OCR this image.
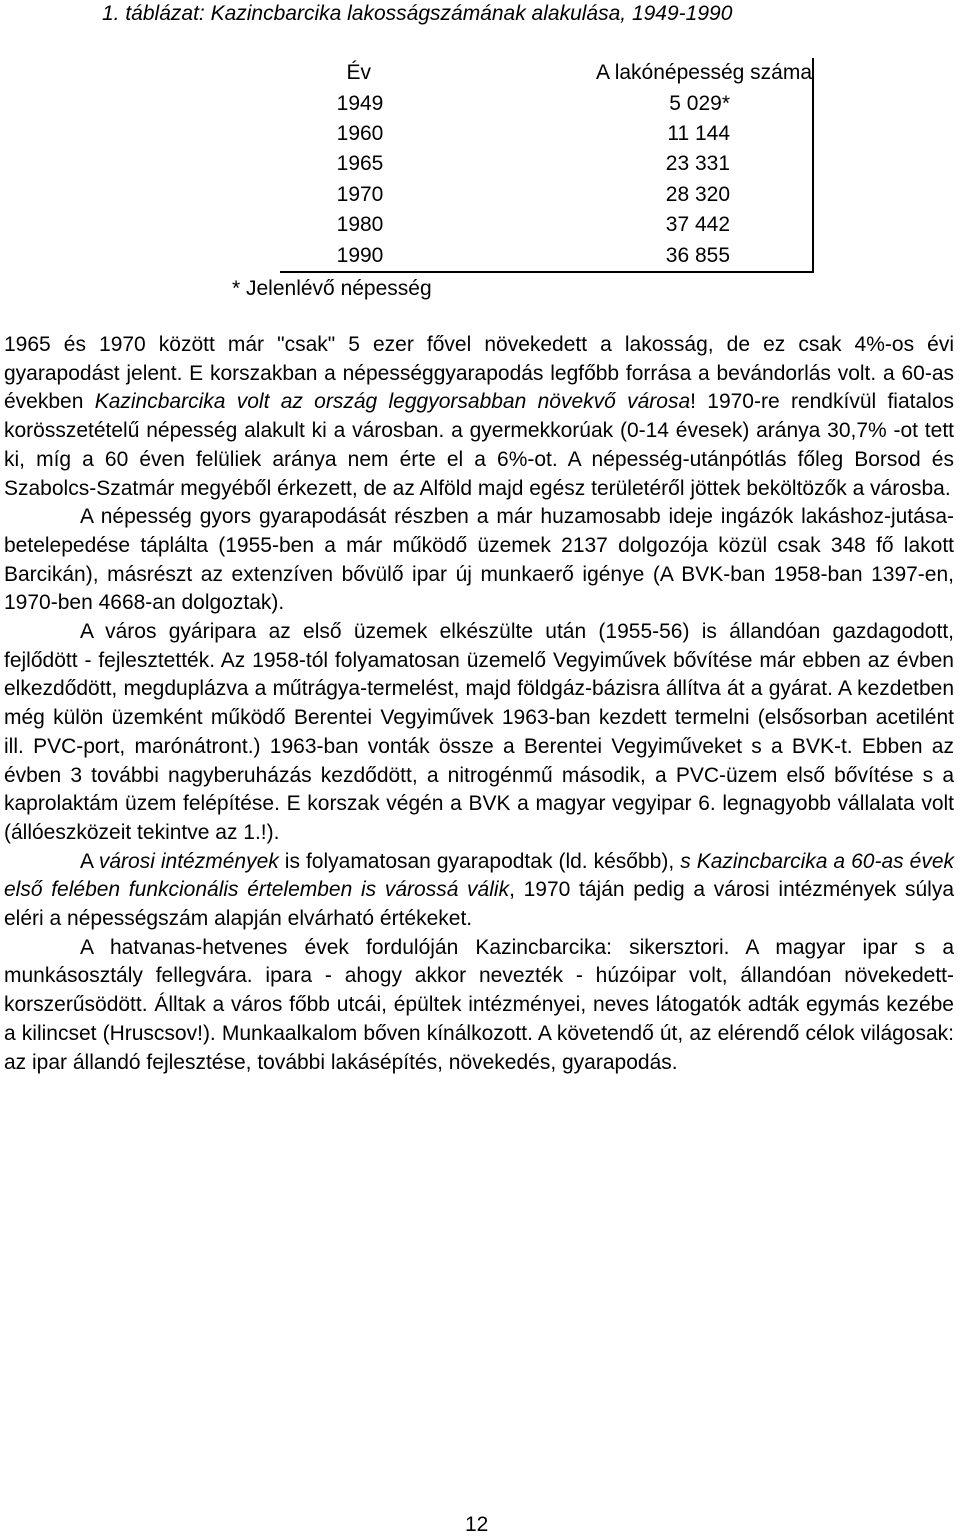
1. táblázat: Kazincbarcika lakosságszámának alakulása, 1949-1990
Év	A lakónépesség száma
1949	5 029*
1960	11 144
1965	23 331
1970	28 320
1980	37 442
1990	36 855
* Jelenlévő népesség

1965 és 1970 között már "csak" 5 ezer fővel növekedett a lakosság, de ez csak 4%-os évi gyarapodást jelent. E korszakban a népességgyarapodás legfőbb forrása a bevándorlás volt. a 60-as években Kazincbarcika volt az ország leggyorsabban növekvő városa! 1970-re rendkívül fiatalos korösszetételű népesség alakult ki a városban. a gyermekkorúak (0-14 évesek) aránya 30,7% -ot tett ki, míg a 60 éven felüliek aránya nem érte el a 6%-ot. A népesség-utánpótlás főleg Borsod és Szabolcs-Szatmár megyéből érkezett, de az Alföld majd egész területéről jöttek beköltözők a városba.

A népesség gyors gyarapodását részben a már huzamosabb ideje ingázók lakáshoz-jutása-betelepedése táplálta (1955-ben a már működő üzemek 2137 dolgozója közül csak 348 fő lakott Barcikán), másrészt az extenzíven bővülő ipar új munkaerő igénye (A BVK-ban 1958-ban 1397-en, 1970-ben 4668-an dolgoztak).

A város gyáripara az első üzemek elkészülte után (1955-56) is állandóan gazdagodott, fejlődött - fejlesztették. Az 1958-tól folyamatosan üzemelő Vegyiművek bővítése már ebben az évben elkezdődött, megduplázva a műtrágya-termelést, majd földgáz-bázisra állítva át a gyárat. A kezdetben még külön üzemként működő Berentei Vegyiművek 1963-ban kezdett termelni (elsősorban acetilént ill. PVC-port, marónátront.) 1963-ban vonták össze a Berentei Vegyiműveket s a BVK-t. Ebben az évben 3 további nagyberuházás kezdődött, a nitrogénmű második, a PVC-üzem első bővítése s a kaprolaktám üzem felépítése. E korszak végén a BVK a magyar vegyipar 6. legnagyobb vállalata volt (állóeszközeit tekintve az 1.!).

A városi intézmények is folyamatosan gyarapodtak (ld. később), s Kazincbarcika a 60-as évek első felében funkcionális értelemben is várossá válik, 1970 táján pedig a városi intézmények súlya eléri a népességszám alapján elvárható értékeket.

A hatvanas-hetvenes évek fordulóján Kazincbarcika: sikersztori. A magyar ipar s a munkásosztály fellegvára. ipara - ahogy akkor nevezték - húzóipar volt, állandóan növekedett-korszerűsödött. Álltak a város főbb utcái, épültek intézményei, neves látogatók adták egymás kezébe a kilincset (Hruscsov!). Munkaalkalom bőven kínálkozott. A követendő út, az elérendő célok világosak: az ipar állandó fejlesztése, további lakásépítés, növekedés, gyarapodás.

12
